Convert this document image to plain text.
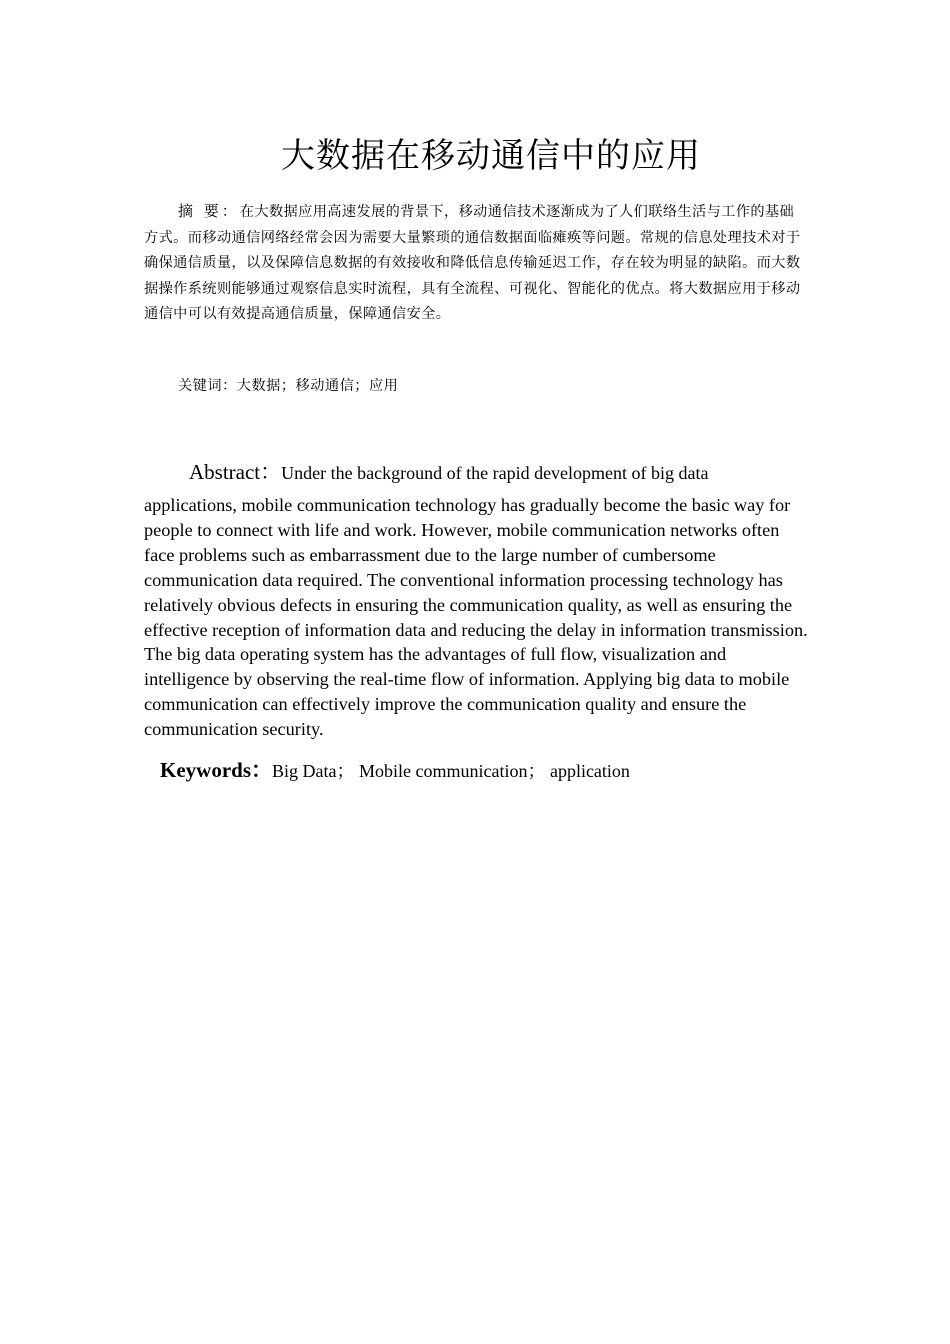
大数据在移动通信中的应用

摘 要：在大数据应用高速发展的背景下，移动通信技术逐渐成为了人们联络生活与工作的基础方式。而移动通信网络经常会因为需要大量繁琐的通信数据面临瘫痪等问题。常规的信息处理技术对于确保通信质量，以及保障信息数据的有效接收和降低信息传输延迟工作，存在较为明显的缺陷。而大数据操作系统则能够通过观察信息实时流程，具有全流程、可视化、智能化的优点。将大数据应用于移动通信中可以有效提高通信质量，保障通信安全。

关键词：大数据；移动通信；应用

Abstract：Under the background of the rapid development of big data

applications, mobile communication technology has gradually become the basic way for people to connect with life and work. However, mobile communication networks often face problems such as embarrassment due to the large number of cumbersome communication data required. The conventional information processing technology has relatively obvious defects in ensuring the communication quality, as well as ensuring the effective reception of information data and reducing the delay in information transmission. The big data operating system has the advantages of full flow, visualization and intelligence by observing the real-time flow of information. Applying big data to mobile communication can effectively improve the communication quality and ensure the communication security.

Keywords：Big Data； Mobile communication； application
